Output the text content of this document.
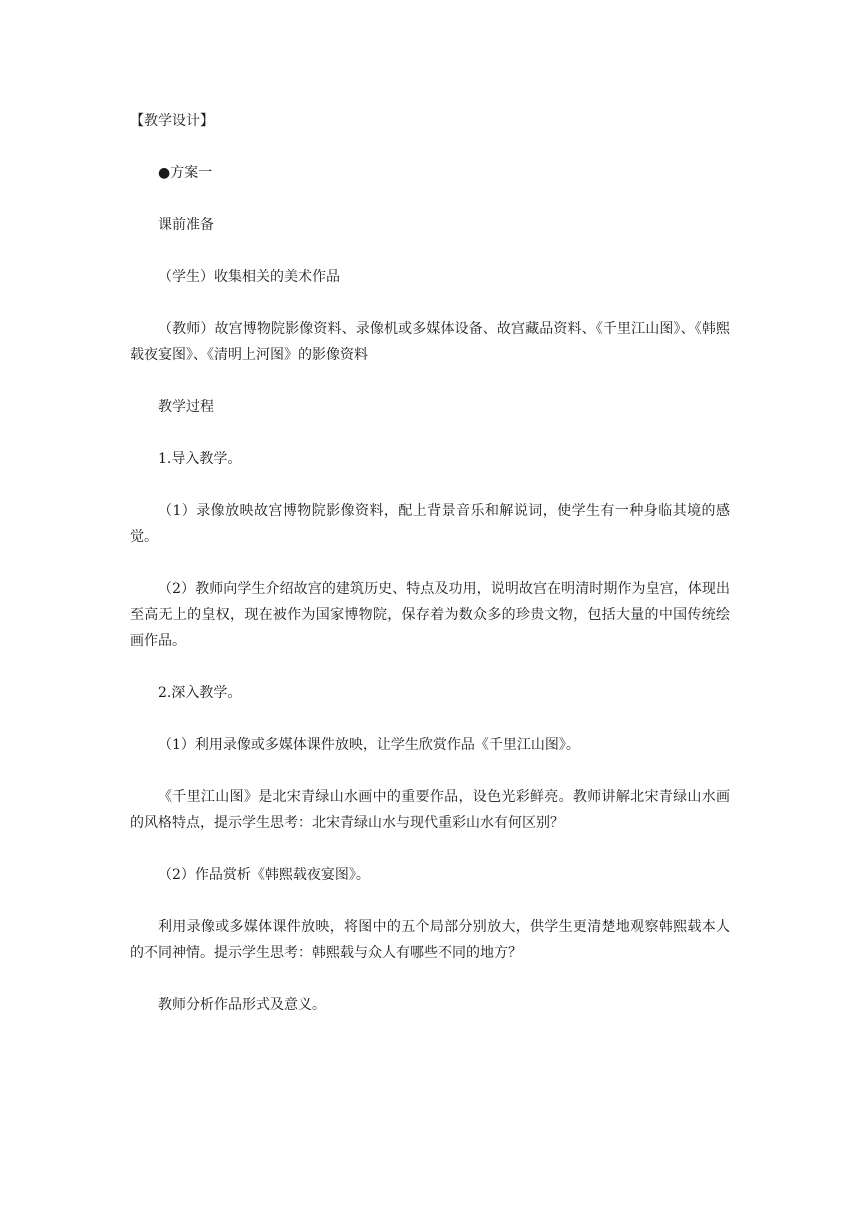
【教学设计】

●方案一

课前准备

（学生）收集相关的美术作品

（教师）故宫博物院影像资料、录像机或多媒体设备、故宫藏品资料、《千里江山图》、《韩熙载夜宴图》、《清明上河图》的影像资料

教学过程

1.导入教学。

（1）录像放映故宫博物院影像资料，配上背景音乐和解说词，使学生有一种身临其境的感觉。

（2）教师向学生介绍故宫的建筑历史、特点及功用，说明故宫在明清时期作为皇宫，体现出至高无上的皇权，现在被作为国家博物院，保存着为数众多的珍贵文物，包括大量的中国传统绘画作品。

2.深入教学。

（1）利用录像或多媒体课件放映，让学生欣赏作品《千里江山图》。

《千里江山图》是北宋青绿山水画中的重要作品，设色光彩鲜亮。教师讲解北宋青绿山水画的风格特点，提示学生思考：北宋青绿山水与现代重彩山水有何区别？

（2）作品赏析《韩熙载夜宴图》。

利用录像或多媒体课件放映，将图中的五个局部分别放大，供学生更清楚地观察韩熙载本人的不同神情。提示学生思考：韩熙载与众人有哪些不同的地方？

教师分析作品形式及意义。
